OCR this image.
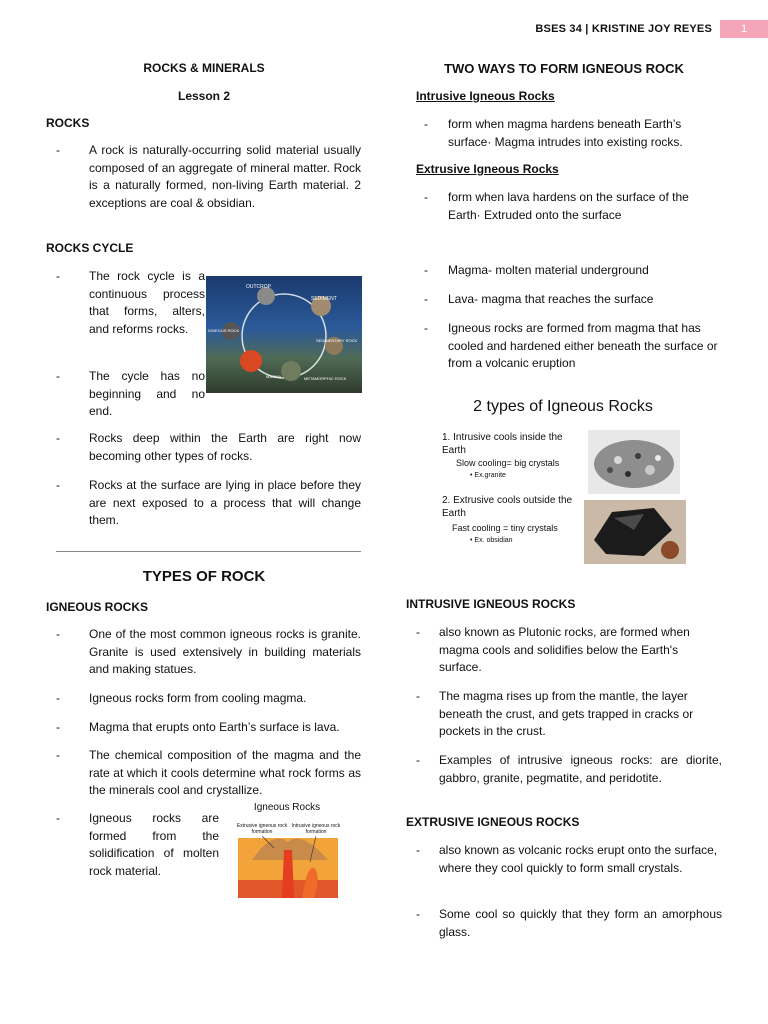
BSES 34 | KRISTINE JOY REYES	1
ROCKS & MINERALS
Lesson 2
ROCKS
- A rock is naturally-occurring solid material usually composed of an aggregate of mineral matter. Rock is a naturally formed, non-living Earth material. 2 exceptions are coal & obsidian.
ROCKS CYCLE
- The rock cycle is a continuous process that forms, alters, and reforms rocks.
- The cycle has no beginning and no end.
OUTCROP
SEDIMENT
IGNEOUS ROCK
SEDIMENTARY ROCK
MAGMA	METAMORPHIC ROCK
- Rocks deep within the Earth are right now becoming other types of rocks.
- Rocks at the surface are lying in place before they are next exposed to a process that will change them.
TYPES OF ROCK
IGNEOUS ROCKS
- One of the most common igneous rocks is granite. Granite is used extensively in building materials and making statues.
- Igneous rocks form from cooling magma.
- Magma that erupts onto Earth’s surface is lava.
- The chemical composition of the magma and the rate at which it cools determine what rock forms as the minerals cool and crystallize.
- Igneous rocks are formed from the solidification of molten rock material.
Igneous Rocks
Extrusive igneous rock formation
Intrusive igneous rock formation
TWO WAYS TO FORM IGNEOUS ROCK
Intrusive Igneous Rocks
- form when magma hardens beneath Earth’s surface· Magma intrudes into existing rocks.
Extrusive Igneous Rocks
- form when lava hardens on the surface of the Earth· Extruded onto the surface
- Magma- molten material underground
- Lava- magma that reaches the surface
- Igneous rocks are formed from magma that has cooled and hardened either beneath the surface or from a volcanic eruption
2 types of Igneous Rocks
1. Intrusive cools inside the Earth
Slow cooling= big crystals
• Ex.granite
2. Extrusive cools outside the Earth
Fast cooling = tiny crystals
• Ex. obsidian
INTRUSIVE IGNEOUS ROCKS
- also known as Plutonic rocks, are formed when magma cools and solidifies below the Earth's surface.
- The magma rises up from the mantle, the layer beneath the crust, and gets trapped in cracks or pockets in the crust.
- Examples of intrusive igneous rocks: are diorite, gabbro, granite, pegmatite, and peridotite.
EXTRUSIVE IGNEOUS ROCKS
- also known as volcanic rocks erupt onto the surface, where they cool quickly to form small crystals.
- Some cool so quickly that they form an amorphous glass.
